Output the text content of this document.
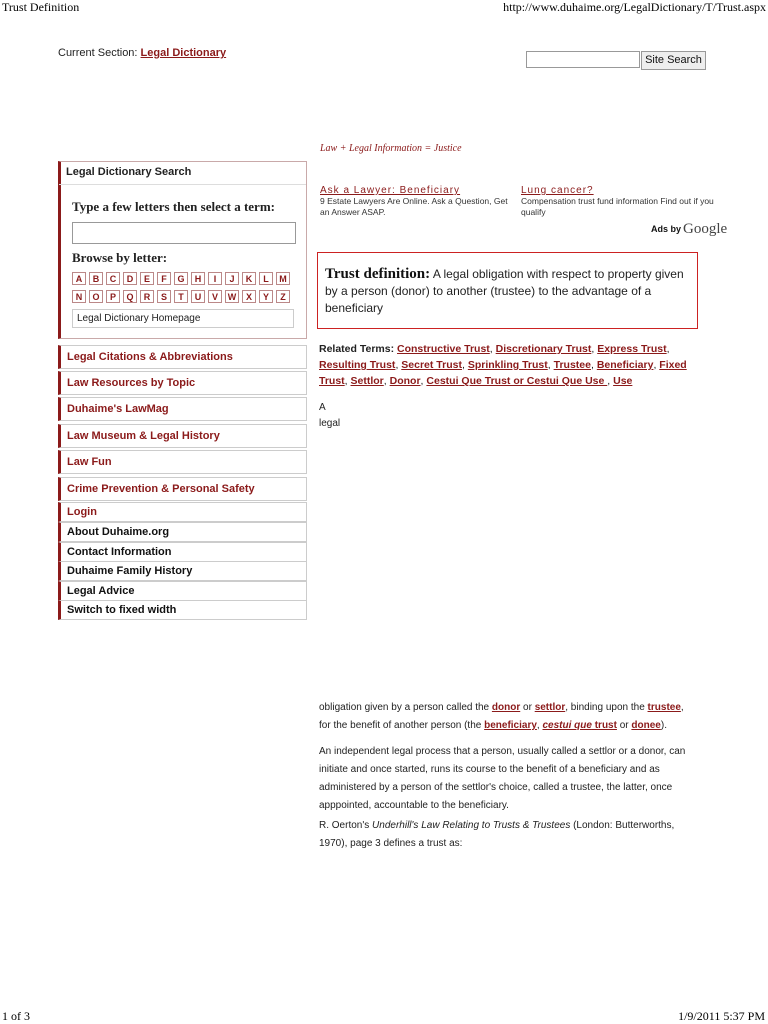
Trust Definition	http://www.duhaime.org/LegalDictionary/T/Trust.aspx
1 of 3	1/9/2011 5:37 PM
Current Section: Legal Dictionary
Site Search
Law + Legal Information = Justice
Legal Dictionary Search
Type a few letters then select a term:
Browse by letter:
A	B	C	D	E	F	G	H	I	J	K	L	M
N	O	P	Q	R	S	T	U	V	W	X	Y	Z
Legal Dictionary Homepage
Legal Citations & Abbreviations
Law Resources by Topic
Duhaime's LawMag
Law Museum & Legal History
Law Fun
Crime Prevention & Personal Safety
Login
About Duhaime.org
Contact Information
Duhaime Family History
Legal Advice
Switch to fixed width
Ask a Lawyer: Beneficiary
9 Estate Lawyers Are Online. Ask a Question, Get an Answer ASAP.
Lung cancer?
Compensation trust fund information Find out if you qualify
Ads by Google
Trust definition: A legal obligation with respect to property given by a person (donor) to another (trustee) to the advantage of a beneficiary
Related Terms: Constructive Trust, Discretionary Trust, Express Trust, Resulting Trust, Secret Trust, Sprinkling Trust, Trustee, Beneficiary, Fixed Trust, Settlor, Donor, Cestui Que Trust or Cestui Que Use , Use
A
legal
obligation given by a person called the donor or settlor, binding upon the trustee,
for the benefit of another person (the beneficiary, cestui que trust or donee).
An independent legal process that a person, usually called a settlor or a donor, can initiate and once started, runs its course to the benefit of a beneficiary and as administered by a person of the settlor's choice, called a trustee, the latter, once apppointed, accountable to the beneficiary.
R. Oerton's Underhill's Law Relating to Trusts & Trustees (London: Butterworths, 1970), page 3 defines a trust as:
